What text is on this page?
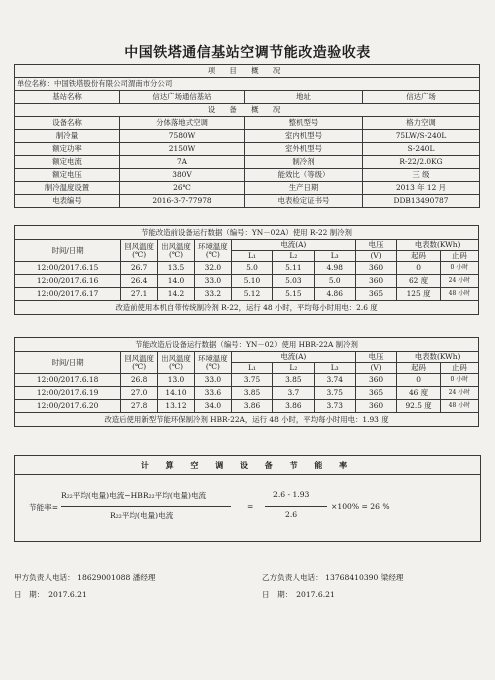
中国铁塔通信基站空调节能改造验收表
项 目 概 况			
单位名称：中国铁塔股份有限公司渭南市分公司			
基站名称	信达广场通信基站	地址	信达广场
设 备 概 况			
设备名称	分体落地式空调	整机型号	格力空调
制冷量	7580W	室内机型号	75LW/S-240L
额定功率	2150W	室外机型号	S-240L
额定电流	7A	制冷剂	R-22/2.0KG
额定电压	380V	能效比（等级）	三 级
制冷温度设置	26℃	生产日期	2013 年 12 月
电表编号	2016-3-7-77978	电表检定证书号	DDB13490787
节能改造前设备运行数据（编号：YN－02A）使用 R-22 制冷剂									
时间/日期	回风温度(℃)	出风温度(℃)	环境温度(℃)	电流(A)			电压	电表数(KWh)	
				L₁	L₂	L₃	(V)	起码	止码
12:00/2017.6.15	26.7	13.5	32.0	5.0	5.11	4.98	360	0	0 小时
12:00/2017.6.16	26.4	14.0	33.0	5.10	5.03	5.0	360	62 度	24 小时
12:00/2017.6.17	27.1	14.2	33.2	5.12	5.15	4.86	365	125 度	48 小时
改造前使用本机自带传统制冷剂 R-22，运行 48 小时，平均每小时用电：2.6 度									
节能改造后设备运行数据（编号：YN－02）使用 HBR-22A 制冷剂									
时间/日期	回风温度(℃)	出风温度(℃)	环境温度(℃)	电流(A)			电压	电表数(KWh)	
				L₁	L₂	L₃	(V)	起码	止码
12:00/2017.6.18	26.8	13.0	33.0	3.75	3.85	3.74	360	0	0 小时
12:00/2017.6.19	27.0	14.10	33.6	3.85	3.7	3.75	365	46 度	24 小时
12:00/2017.6.20	27.8	13.12	34.0	3.86	3.86	3.73	360	92.5 度	48 小时
改造后使用新型节能环保制冷剂 HBR-22A，运行 48 小时，平均每小时用电：1.93 度									
计 算 空 调 设 备 节 能 率
节能率=
R₂₂平均(电量)电流−HBR₂₂平均(电量)电流
R₂₂平均(电量)电流
=
2.6 - 1.93
2.6
×100% = 26 %
甲方负责人电话： 18629001088 潘经理
日　期：　2017.6.21
乙方负责人电话： 13768410390 梁经理
日　期：　2017.6.21
